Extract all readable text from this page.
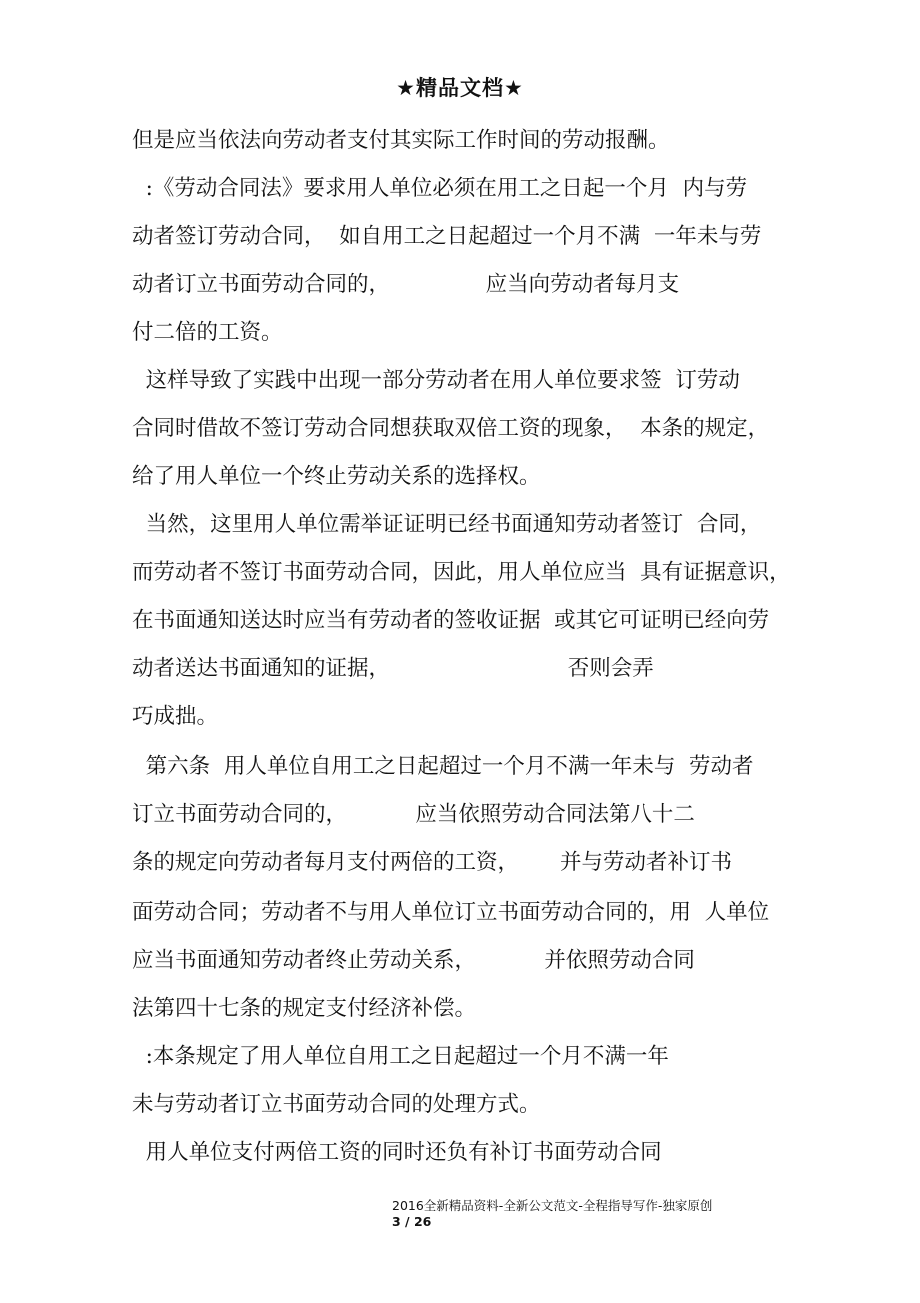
★精品文档★
但是应当依法向劳动者支付其实际工作时间的劳动报酬。
:《劳动合同法》要求用人单位必须在用工之日起一个月  内与劳
动者签订劳动合同，  如自用工之日起超过一个月不满  一年未与劳
动者订立书面劳动合同的，              应当向劳动者每月支
付二倍的工资。
这样导致了实践中出现一部分劳动者在用人单位要求签  订劳动
合同时借故不签订劳动合同想获取双倍工资的现象，  本条的规定，
给了用人单位一个终止劳动关系的选择权。
当然，这里用人单位需举证证明已经书面通知劳动者签订  合同，
而劳动者不签订书面劳动合同，因此，用人单位应当  具有证据意识，
在书面通知送达时应当有劳动者的签收证据  或其它可证明已经向劳
动者送达书面通知的证据，                          否则会弄
巧成拙。
第六条  用人单位自用工之日起超过一个月不满一年未与  劳动者
订立书面劳动合同的，          应当依照劳动合同法第八十二
条的规定向劳动者每月支付两倍的工资，      并与劳动者补订书
面劳动合同；劳动者不与用人单位订立书面劳动合同的，用  人单位
应当书面通知劳动者终止劳动关系，          并依照劳动合同
法第四十七条的规定支付经济补偿。
:本条规定了用人单位自用工之日起超过一个月不满一年
未与劳动者订立书面劳动合同的处理方式。
用人单位支付两倍工资的同时还负有补订书面劳动合同
2016全新精品资料-全新公文范文-全程指导写作-独家原创
3 / 26
